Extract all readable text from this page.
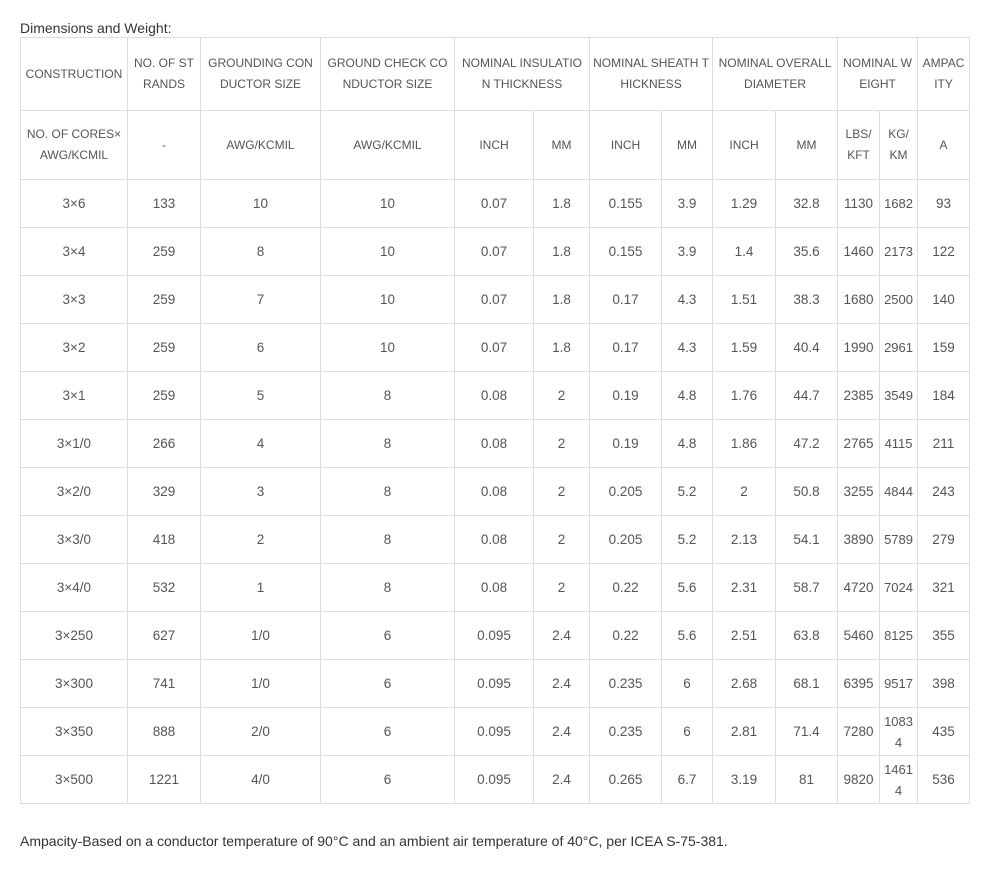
Dimensions and Weight:
CONSTRUCTION	NO. OF STRANDS	GROUNDING CONDUCTOR SIZE	GROUND CHECK CONDUCTOR SIZE	NOMINAL INSULATION THICKNESS		NOMINAL SHEATH THICKNESS		NOMINAL OVERALL DIAMETER		NOMINAL WEIGHT		AMPACITY
NO. OF CORES×AWG/KCMIL	-	AWG/KCMIL	AWG/KCMIL	INCH	MM	INCH	MM	INCH	MM	LBS/ KFT	KG/ KM	A
3×6	133	10	10	0.07	1.8	0.155	3.9	1.29	32.8	1130	1682	93
3×4	259	8	10	0.07	1.8	0.155	3.9	1.4	35.6	1460	2173	122
3×3	259	7	10	0.07	1.8	0.17	4.3	1.51	38.3	1680	2500	140
3×2	259	6	10	0.07	1.8	0.17	4.3	1.59	40.4	1990	2961	159
3×1	259	5	8	0.08	2	0.19	4.8	1.76	44.7	2385	3549	184
3×1/0	266	4	8	0.08	2	0.19	4.8	1.86	47.2	2765	4115	211
3×2/0	329	3	8	0.08	2	0.205	5.2	2	50.8	3255	4844	243
3×3/0	418	2	8	0.08	2	0.205	5.2	2.13	54.1	3890	5789	279
3×4/0	532	1	8	0.08	2	0.22	5.6	2.31	58.7	4720	7024	321
3×250	627	1/0	6	0.095	2.4	0.22	5.6	2.51	63.8	5460	8125	355
3×300	741	1/0	6	0.095	2.4	0.235	6	2.68	68.1	6395	9517	398
3×350	888	2/0	6	0.095	2.4	0.235	6	2.81	71.4	7280	10834	435
3×500	1221	4/0	6	0.095	2.4	0.265	6.7	3.19	81	9820	14614	536
Ampacity-Based on a conductor temperature of 90°C and an ambient air temperature of 40°C, per ICEA S-75-381.
